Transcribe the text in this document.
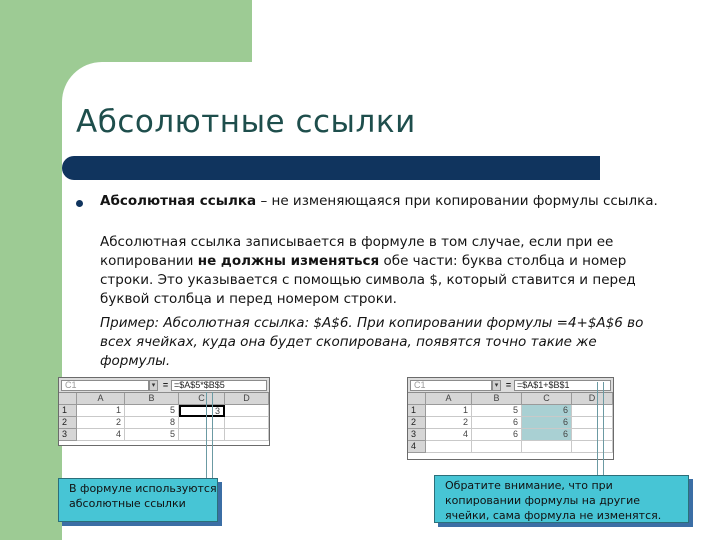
Абсолютные ссылки
Абсолютная ссылка – не изменяющаяся при копировании формулы ссылка.
Абсолютная ссылка записывается в формуле в том случае, если при ее копировании не должны изменяться обе части: буква столбца и номер строки. Это указывается с помощью символа $, который ставится и перед буквой столбца и перед номером строки.
Пример: Абсолютная ссылка: $A$6. При копировании формулы =4+$A$6 во всех ячейках, куда она будет скопирована, появятся точно такие же формулы.
C1	▾ = =$A$5*$B$5
A	B	C	D
1	1	5	3
2	2	8
3	4	5
C1	▾ = =$A$1+$B$1
A	B	C	D
1	1	5	6
2	2	6	6
3	4	6	6
4
В формуле используются
абсолютные ссылки
Обратите внимание, что при
копировании формулы на другие
ячейки, сама формула не изменятся.
